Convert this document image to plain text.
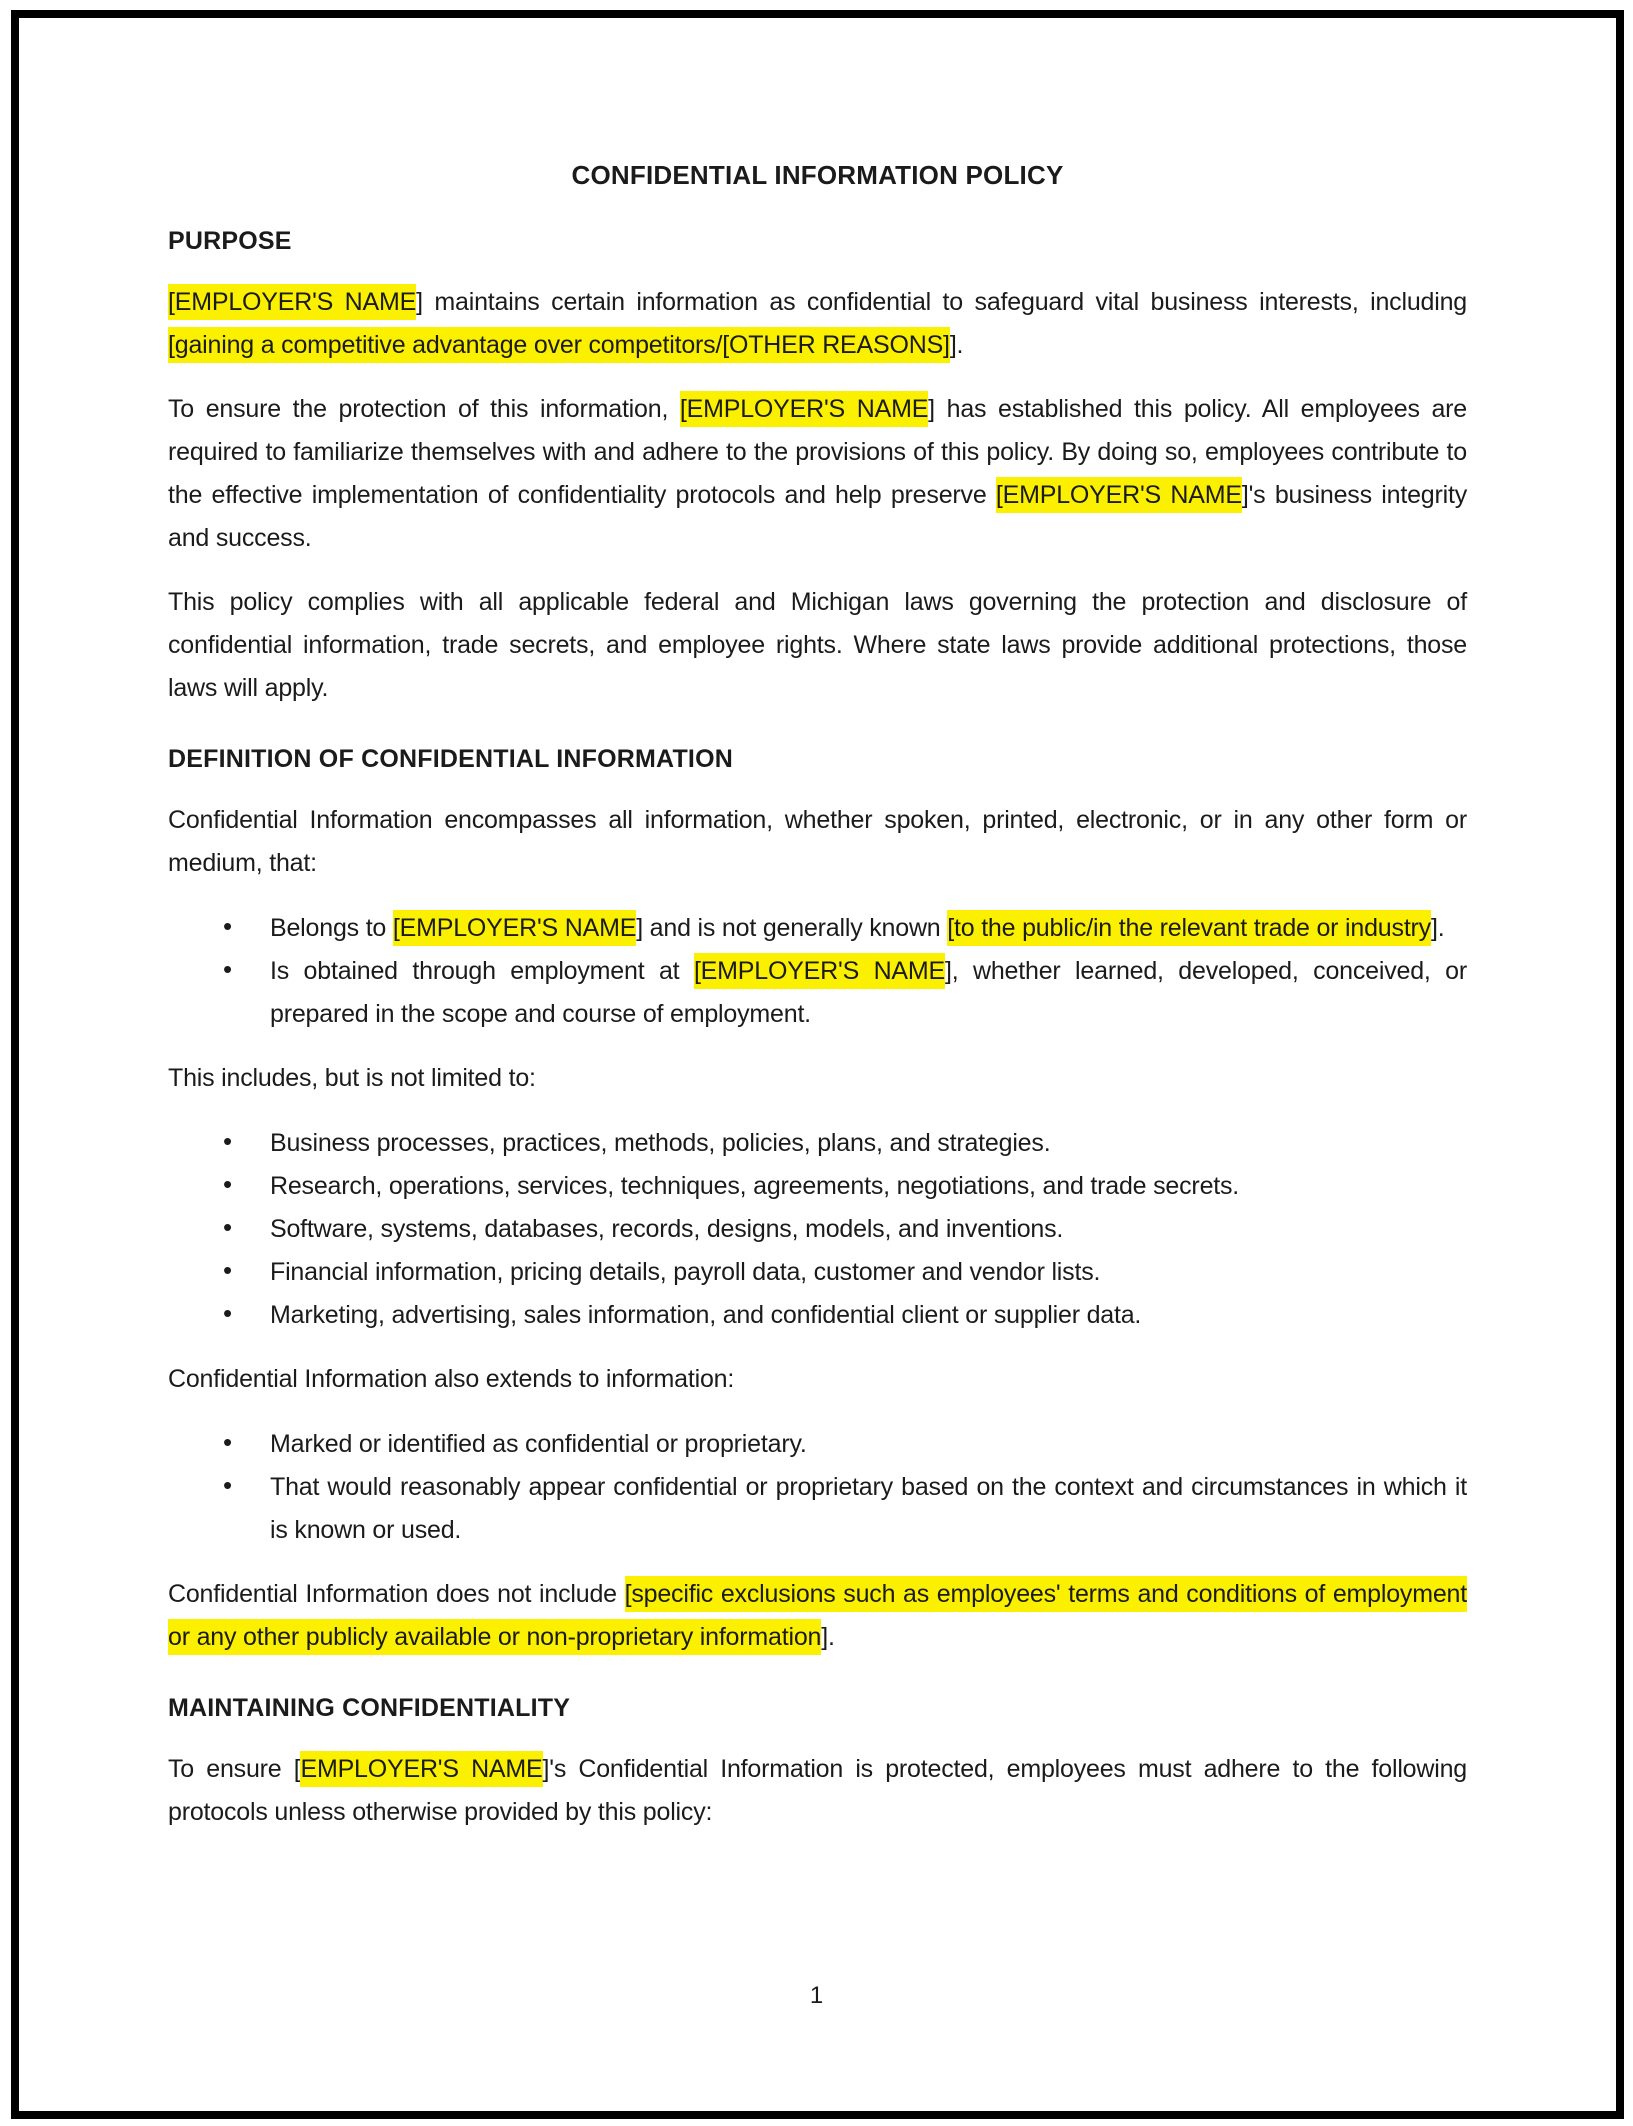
CONFIDENTIAL INFORMATION POLICY
PURPOSE

[EMPLOYER'S NAME] maintains certain information as confidential to safeguard vital business interests, including [gaining a competitive advantage over competitors/[OTHER REASONS]].

To ensure the protection of this information, [EMPLOYER'S NAME] has established this policy. All employees are required to familiarize themselves with and adhere to the provisions of this policy. By doing so, employees contribute to the effective implementation of confidentiality protocols and help preserve [EMPLOYER'S NAME]'s business integrity and success.

This policy complies with all applicable federal and Michigan laws governing the protection and disclosure of confidential information, trade secrets, and employee rights. Where state laws provide additional protections, those laws will apply.

DEFINITION OF CONFIDENTIAL INFORMATION

Confidential Information encompasses all information, whether spoken, printed, electronic, or in any other form or medium, that:

• Belongs to [EMPLOYER'S NAME] and is not generally known [to the public/in the relevant trade or industry].
• Is obtained through employment at [EMPLOYER'S NAME], whether learned, developed, conceived, or prepared in the scope and course of employment.

This includes, but is not limited to:

• Business processes, practices, methods, policies, plans, and strategies.
• Research, operations, services, techniques, agreements, negotiations, and trade secrets.
• Software, systems, databases, records, designs, models, and inventions.
• Financial information, pricing details, payroll data, customer and vendor lists.
• Marketing, advertising, sales information, and confidential client or supplier data.

Confidential Information also extends to information:

• Marked or identified as confidential or proprietary.
• That would reasonably appear confidential or proprietary based on the context and circumstances in which it is known or used.

Confidential Information does not include [specific exclusions such as employees' terms and conditions of employment or any other publicly available or non-proprietary information].

MAINTAINING CONFIDENTIALITY

To ensure [EMPLOYER'S NAME]'s Confidential Information is protected, employees must adhere to the following protocols unless otherwise provided by this policy:

1
